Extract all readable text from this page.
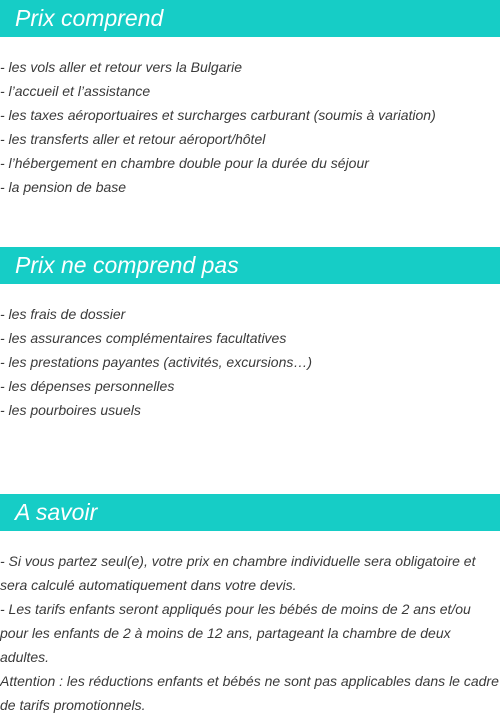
Prix comprend
- les vols aller et retour vers la Bulgarie
- l’accueil et l’assistance
- les taxes aéroportuaires et surcharges carburant (soumis à variation)
- les transferts aller et retour aéroport/hôtel
- l’hébergement en chambre double pour la durée du séjour
- la pension de base
Prix ne comprend pas
- les frais de dossier
- les assurances complémentaires facultatives
- les prestations payantes (activités, excursions…)
- les dépenses personnelles
- les pourboires usuels
A savoir

- Si vous partez seul(e), votre prix en chambre individuelle sera obligatoire et sera calculé automatiquement dans votre devis.

- Les tarifs enfants seront appliqués pour les bébés de moins de 2 ans et/ou pour les enfants de 2 à moins de 12 ans, partageant la chambre de deux adultes.

Attention : les réductions enfants et bébés ne sont pas applicables dans le cadre de tarifs promotionnels.
